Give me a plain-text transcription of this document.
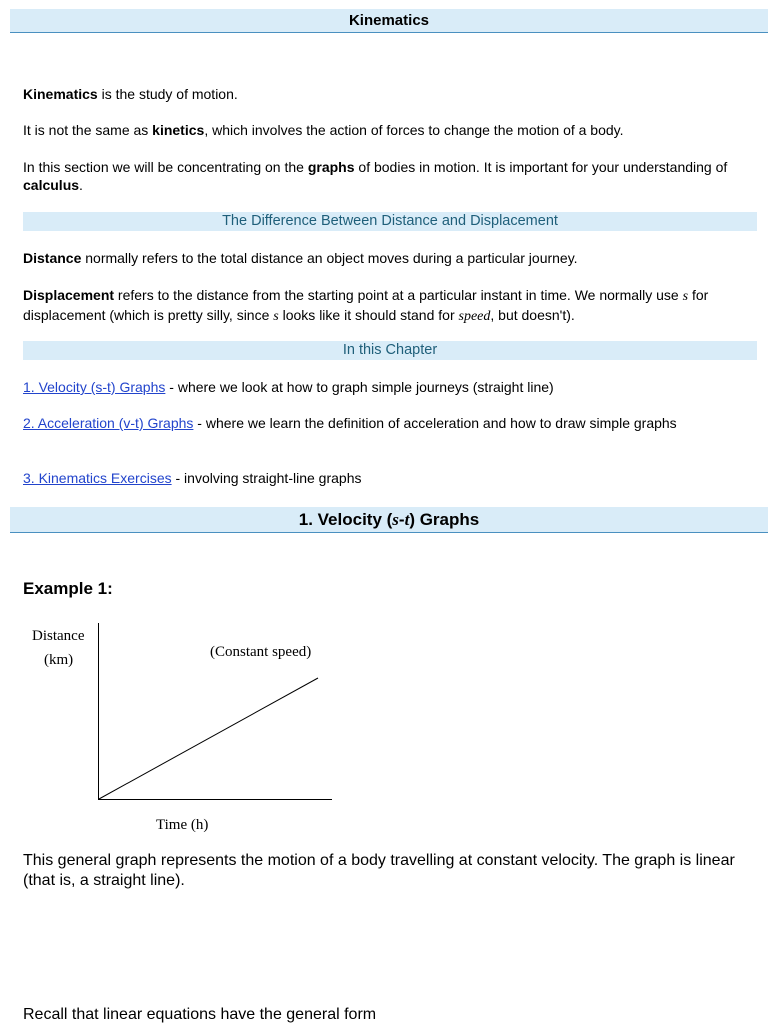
Kinematics
Kinematics is the study of motion.
It is not the same as kinetics, which involves the action of forces to change the motion of a body.
In this section we will be concentrating on the graphs of bodies in motion. It is important for your understanding of calculus.
The Difference Between Distance and Displacement
Distance normally refers to the total distance an object moves during a particular journey.
Displacement refers to the distance from the starting point at a particular instant in time. We normally use s for displacement (which is pretty silly, since s looks like it should stand for speed, but doesn't).
In this Chapter
1. Velocity (s-t) Graphs - where we look at how to graph simple journeys (straight line)
2. Acceleration (v-t) Graphs - where we learn the definition of acceleration and how to draw simple graphs
3. Kinematics Exercises - involving straight-line graphs
1. Velocity (s-t) Graphs
Example 1:
Distance
(km)	(Constant speed)
Time (h)
This general graph represents the motion of a body travelling at constant velocity. The graph is linear (that is, a straight line).
Recall that linear equations have the general form
